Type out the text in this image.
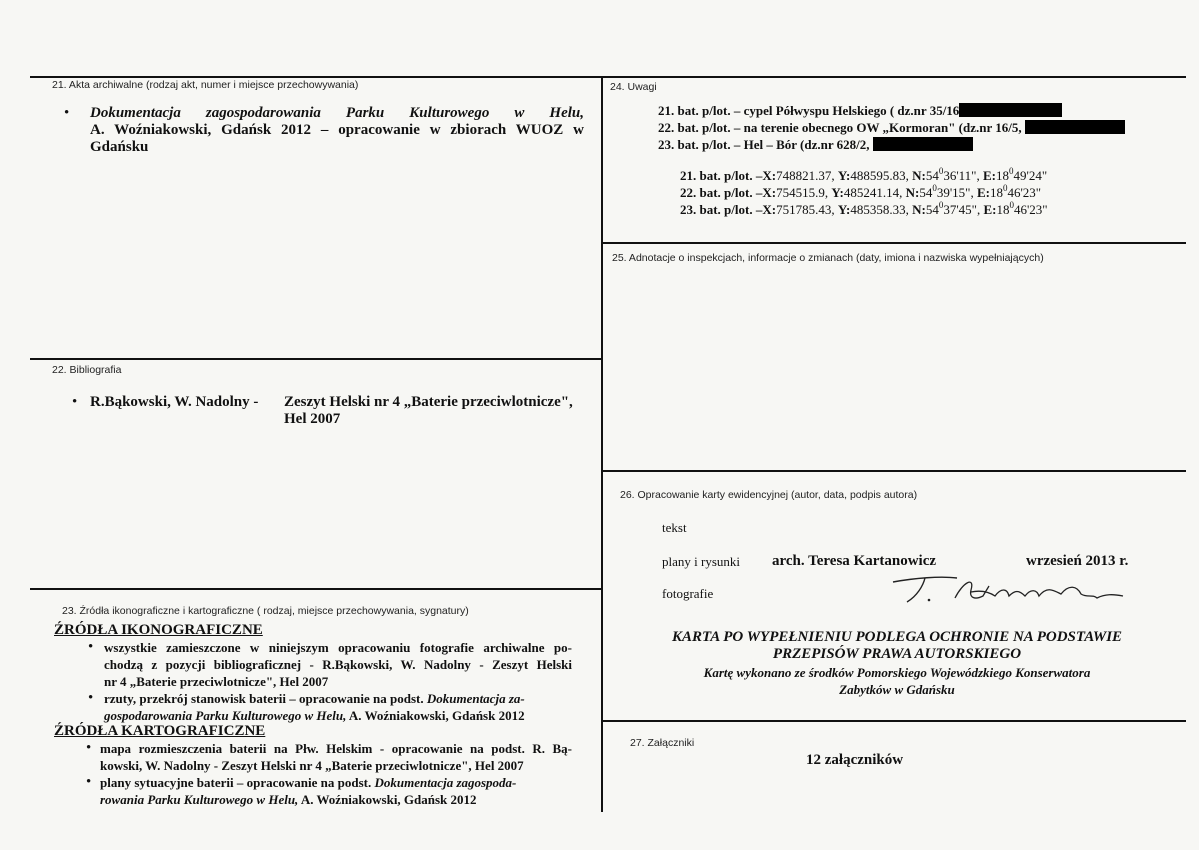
21. Akta archiwalne (rodzaj akt, numer i miejsce przechowywania)
• Dokumentacja zagospodarowania Parku Kulturowego w Helu,
A. Woźniakowski, Gdańsk 2012 – opracowanie w zbiorach WUOZ w
Gdańsku
22. Bibliografia
• R.Bąkowski, W. Nadolny - Zeszyt Helski nr 4 „Baterie przeciwlotnicze",
Hel 2007
23. Źródła ikonograficzne i kartograficzne ( rodzaj, miejsce przechowywania, sygnatury)
ŹRÓDŁA IKONOGRAFICZNE
• wszystkie zamieszczone w niniejszym opracowaniu fotografie archiwalne po-
chodzą z pozycji bibliograficznej - R.Bąkowski, W. Nadolny - Zeszyt Helski
nr 4 „Baterie przeciwlotnicze", Hel 2007
• rzuty, przekrój stanowisk baterii – opracowanie na podst. Dokumentacja za-
gospodarowania Parku Kulturowego w Helu, A. Woźniakowski, Gdańsk 2012
ŹRÓDŁA KARTOGRAFICZNE
• mapa rozmieszczenia baterii na Płw. Helskim - opracowanie na podst. R. Bą-
kowski, W. Nadolny - Zeszyt Helski nr 4 „Baterie przeciwlotnicze", Hel 2007
• plany sytuacyjne baterii – opracowanie na podst. Dokumentacja zagospoda-
rowania Parku Kulturowego w Helu, A. Woźniakowski, Gdańsk 2012
24. Uwagi
21. bat. p/lot. – cypel Półwyspu Helskiego ( dz.nr 35/16
22. bat. p/lot. – na terenie obecnego OW „Kormoran" (dz.nr 16/5,
23. bat. p/lot. – Hel – Bór (dz.nr 628/2,
21. bat. p/lot. –X:748821.37, Y:488595.83, $N:54^036'11$", $E:18^049'24$"
22. bat. p/lot. –X:754515.9, Y:485241.14, $N:54^039'15$", $E:18^046'23$"
23. bat. p/lot. –X:751785.43, Y:485358.33, $N:54^037'45$", $E:18^046'23$"
25. Adnotacje o inspekcjach, informacje o zmianach (daty, imiona i nazwiska wypełniających)
26. Opracowanie karty ewidencyjnej (autor, data, podpis autora)
tekst
plany i rysunki
fotografie
arch. Teresa Kartanowicz	wrzesień 2013 r.
KARTA PO WYPEŁNIENIU PODLEGA OCHRONIE NA PODSTAWIE
PRZEPISÓW PRAWA AUTORSKIEGO
Kartę wykonano ze środków Pomorskiego Wojewódzkiego Konserwatora
Zabytków w Gdańsku
27. Załączniki
12 załączników
